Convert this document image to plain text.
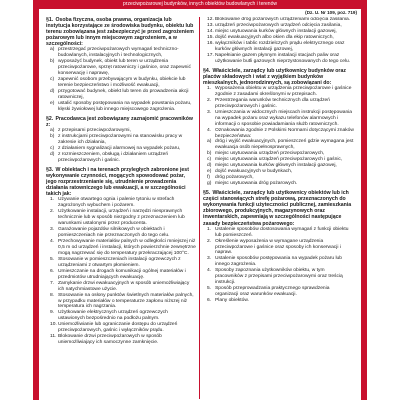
przeciwpożarowej budynków, innych obiektów budowlanych i terenów
(Dz. U. Nr 109, poz. 719)

§1. Osoba fizyczna, osoba prawna, organizacja lub instytucja korzystające ze środowiska budynku, obiektu lub terenu zobowiązana jest zabezpieczyć je przed zagrożeniem pożarowym lub innym miejscowym zagrożeniem, a w szczególności:

a) przestrzegać przeciwpożarowych wymagań techniczno-budowlanych, instalacyjnych i technologicznych,

b) wyposażyć budynek, obiekt lub teren w urządzenia przeciwpożarowe, sprzęt ratowniczy i gaśnice, oraz zapewnić konserwację i naprawę,

c) zapewnić osobom przebywającym w budynku, obiekcie lub terenie bezpieczeństwo i możliwość ewakuacji,

d) przygotować budynek, obiekt lub teren do prowadzenia akcji ratowniczej,

e) ustalić sposoby postępowania na wypadek powstania pożaru, klęski żywiołowej lub innego miejscowego zagrożenia.

§2. Pracodawca jest zobowiązany zaznajomić pracowników z:

a) z przepisami przeciwpożarowymi,

b) z instrukcjami przeciwpożarowymi na stanowisku pracy w zakresie ich działania,

c) z działaniem sygnalizacji alarmowej na wypadek pożaru,

d) z rozmieszczeniem, obsługą i działaniem urządzeń przeciwpożarowych i gaśnic.

§3. W obiektach i na terenach przyległych zabronione jest wykonywanie czynności, mogących spowodować pożar, jego rozprzestrzenianie się, utrudnienie prowadzenia działania ratowniczego lub ewakuacji, a w szczególności takich jak:

1. Używanie otwartego ognia i palenie tytoniu w strefach zagrożonych wybuchem i pożarem.

2. Użytkowanie instalacji, urządzeń i narzędzi niesprawnych technicznie lub w sposób niezgodny z przeznaczeniem lub warunkami ustalonymi przez producenta.

3. Garażowanie pojazdów silnikowych w obiektach i pomieszczeniach nie przeznaczonych do tego celu.

4. Przechowywanie materiałów palnych w odległości mniejszej niż 0,5 m od urządzeń i instalacji, których powierzchnie zewnętrzne mogą nagrzewać się do temperatury przekraczającej 100°C.

5. Stosowanie w pomieszczeniach instalacji ogrzewczych z urządzeniami z otwartym płomieniem.

6. Umieszczanie na drogach komunikacji ogólnej materiałów i przedmiotów utrudniających ewakuację.

7. Zamykanie drzwi ewakuacyjnych w sposób uniemożliwiający ich natychmiastowe użycie.

8. Stosowanie na osłony punktów świetlnych materiałów palnych, w przypadku materiałów o temperaturze zapłonu niższej niż temperatura ich nagrzania.

9. Użytkowanie elektrycznych urządzeń ogrzewczych ustawionych bezpośrednio na podłożu palnym.

10.Uniemożliwianie lub ograniczanie dostępu do urządzeń przeciwpożarowych, gaśnic i wyłączników prądu.

11. Blokowanie drzwi przeciwpożarowych w sposób uniemożliwiający ich samoczynne zamknięcie.

12.Blokowanie dróg pożarowych urządzeniami odcięcia zasilania.

13.urządzeń przeciwpożarowych urządzeń odcięcia zasilania,

14.miejsc usytuowania kurków głównych instalacji gazowej,

15.dojść ewakuacyjnych albo okien dla ekip ratowniczych,

16.wyłączników i tablic rozdzielczych prądu elektrycznego oraz kurków głównych instalacji gazowej,

17.Napełnianie gazem płynnym instalacji stacjach paliw oraz użytkowanie butli gazowych nieprzystosowanych do tego celu.

§4. Właściciele, zarządcy lub użytkownicy budynków oraz placów składowych i wiat z wyjątkiem budynków mieszkalnych, jednorodzinnych, są zobowiązani do:

1. Wyposażenia obiektu w urządzenia przeciwpożarowe i gaśnice zgodnie z zasadami określonymi w przepisach.

2. Przestrzegania warunków technicznych dla urządzeń przeciwpożarowych i gaśnic.

3. Umieszczania w widocznych miejscach instrukcji postępowania na wypadek pożaru oraz wykazu telefonów alarmowych i informacji o sposobie powiadamiania służb ratowniczych.

4. Oznakowania zgodnie z Polskimi Normami dotyczącymi znaków bezpieczeństwa:

a) dróg i wyjść ewakuacyjnych, pomieszczeń gdzie wymagana jest ewakuacja osób niepełnosprawnych,

b) miejsc usytuowania urządzeń przeciwpożarowych,

c) miejsc usytuowania urządzeń przeciwpożarowych i gaśnic,

d) miejsc usytuowania kurków głównych instalacji gazowej,

e) dojść ewakuacyjnych w budynkach,

f) dróg pożarowych,

g) miejsc usytuowania dróg pożarowych.

§5. Właściciele, zarządcy lub użytkownicy obiektów lub ich części stanowiących strefę pożarową, przeznaczonych do wykonywania funkcji użyteczności publicznej, zamieszkania zbiorowego, produkcyjnych, magazynowych oraz inwentarskich, zapewniają w szczególności następujące zasady bezpieczeństwa pożarowego:

1. Ustalenie sposobów dostosowania wymagań z funkcji obiektu lub pomieszczeń.

2. Określenie wyposażenia w wymagane urządzenia przeciwpożarowe i gaśnice oraz sposoby ich konserwacji i napraw.

3. Ustalenie sposobów postępowania na wypadek pożaru lub innego zagrożenia.

4. Sposoby zapoznania użytkowników obiektu, w tym pracowników z przepisami przeciwpożarowymi oraz treścią instrukcji.

5. Sposób przeprowadzania praktycznego sprawdzenia organizacji oraz warunków ewakuacji.

6. Plany obiektów.
